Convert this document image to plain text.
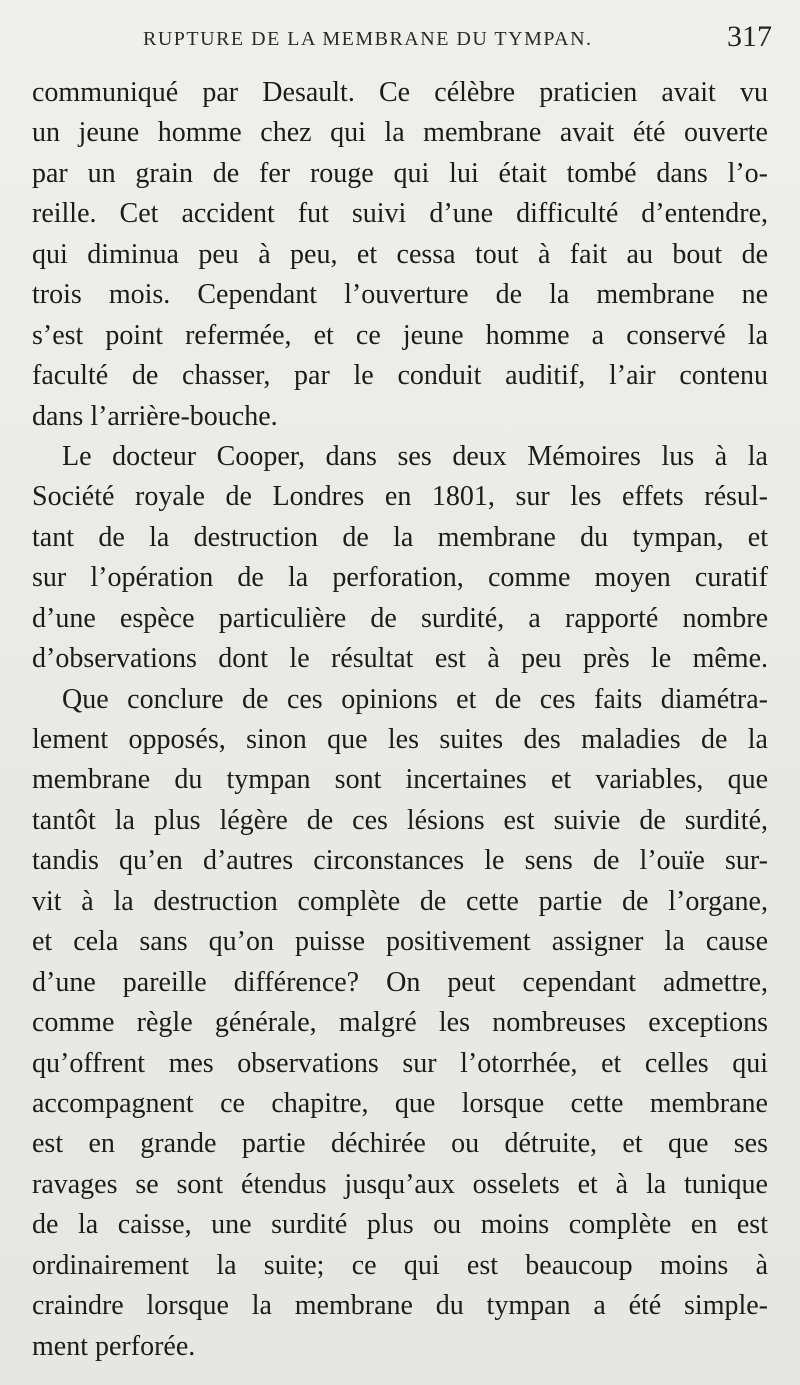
RUPTURE DE LA MEMBRANE DU TYMPAN.	317
communiqué par Desault. Ce célèbre praticien avait vu
un jeune homme chez qui la membrane avait été ouverte
par un grain de fer rouge qui lui était tombé dans l’o-
reille. Cet accident fut suivi d’une difficulté d’entendre,
qui diminua peu à peu, et cessa tout à fait au bout de
trois mois. Cependant l’ouverture de la membrane ne
s’est point refermée, et ce jeune homme a conservé la
faculté de chasser, par le conduit auditif, l’air contenu
dans l’arrière-bouche.
Le docteur Cooper, dans ses deux Mémoires lus à la
Société royale de Londres en 1801, sur les effets résul-
tant de la destruction de la membrane du tympan, et
sur l’opération de la perforation, comme moyen curatif
d’une espèce particulière de surdité, a rapporté nombre
d’observations dont le résultat est à peu près le même.
Que conclure de ces opinions et de ces faits diamétra-
lement opposés, sinon que les suites des maladies de la
membrane du tympan sont incertaines et variables, que
tantôt la plus légère de ces lésions est suivie de surdité,
tandis qu’en d’autres circonstances le sens de l’ouïe sur-
vit à la destruction complète de cette partie de l’organe,
et cela sans qu’on puisse positivement assigner la cause
d’une pareille différence? On peut cependant admettre,
comme règle générale, malgré les nombreuses exceptions
qu’offrent mes observations sur l’otorrhée, et celles qui
accompagnent ce chapitre, que lorsque cette membrane
est en grande partie déchirée ou détruite, et que ses
ravages se sont étendus jusqu’aux osselets et à la tunique
de la caisse, une surdité plus ou moins complète en est
ordinairement la suite; ce qui est beaucoup moins à
craindre lorsque la membrane du tympan a été simple-
ment perforée.
